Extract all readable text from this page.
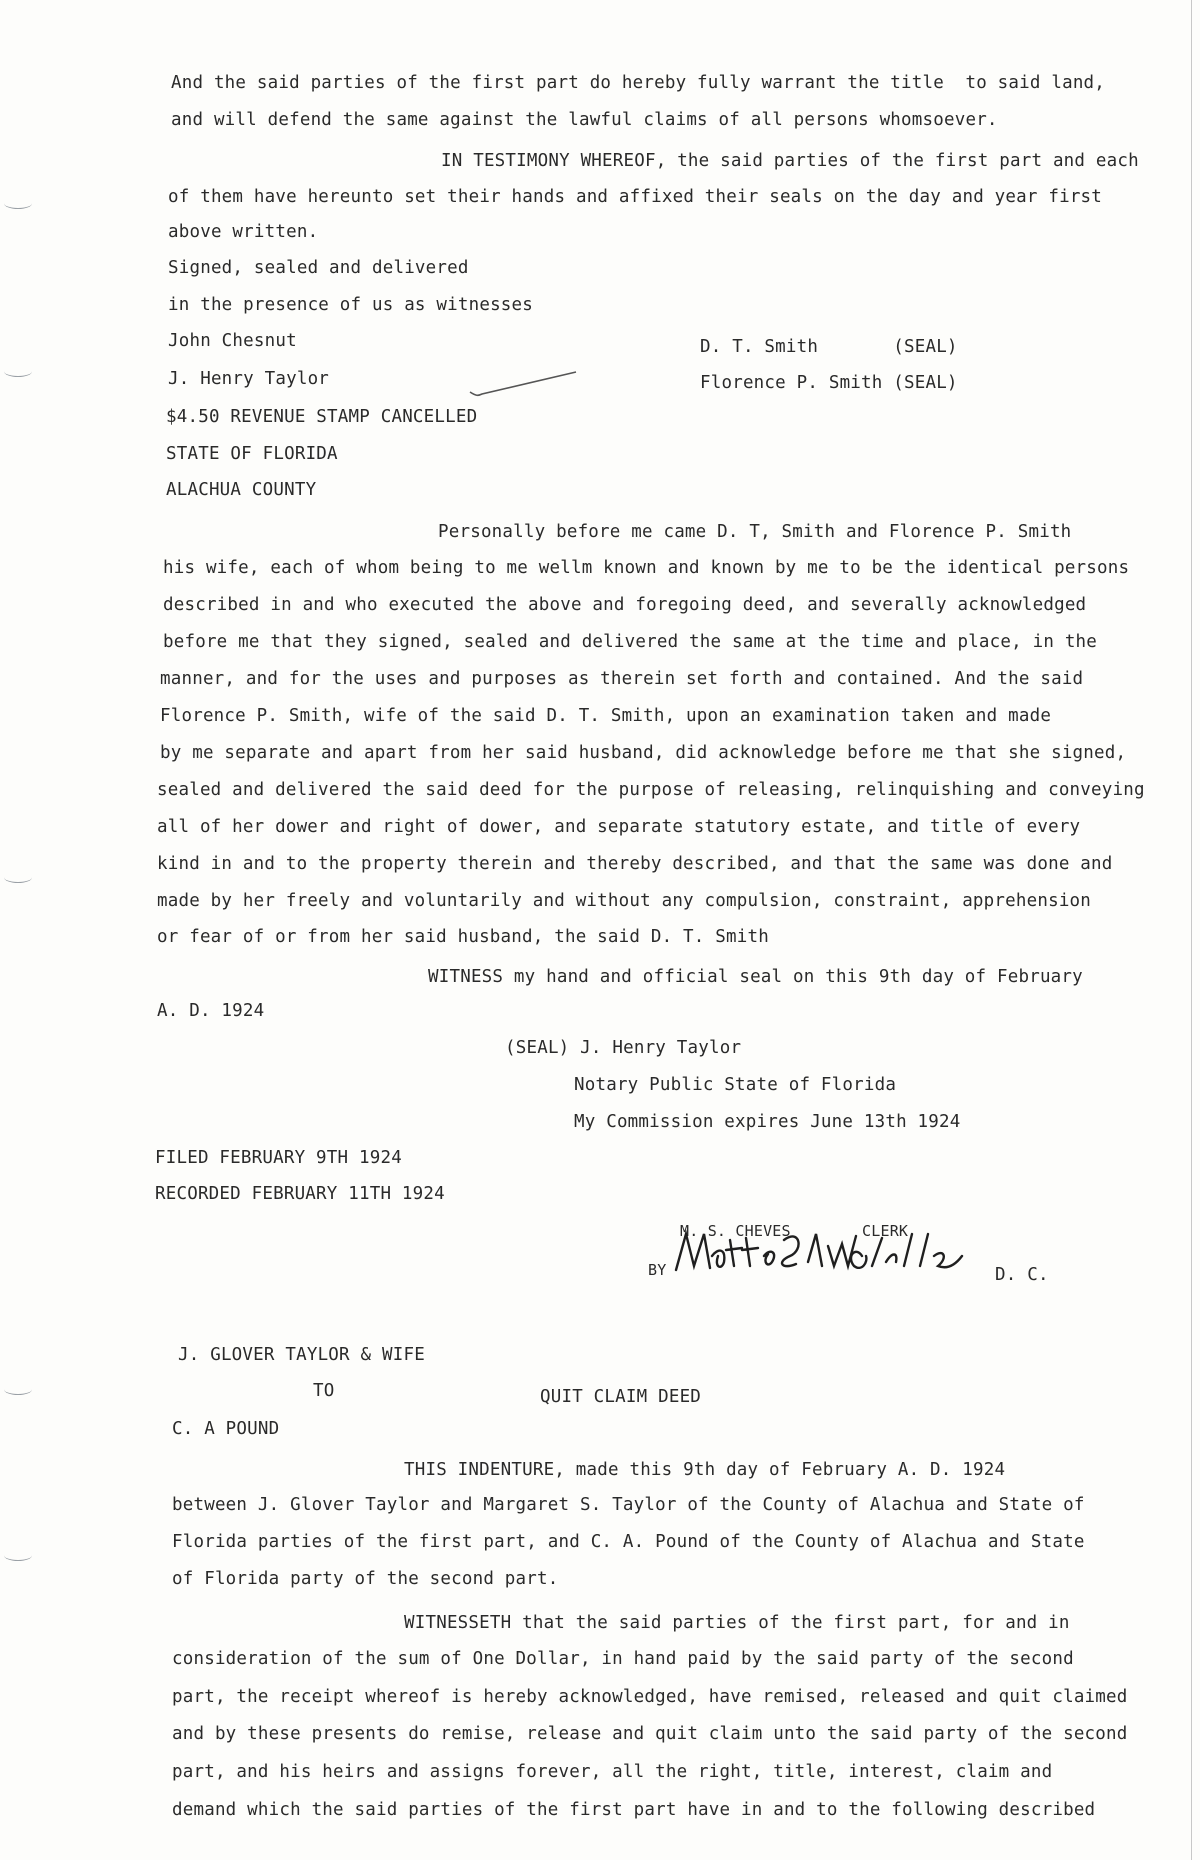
And the said parties of the first part do hereby fully warrant the title  to said land,
and will defend the same against the lawful claims of all persons whomsoever.
IN TESTIMONY WHEREOF, the said parties of the first part and each
of them have hereunto set their hands and affixed their seals on the day and year first
above written.
Signed, sealed and delivered
in the presence of us as witnesses
John Chesnut	D. T. Smith       (SEAL)
J. Henry Taylor	Florence P. Smith (SEAL)
$4.50 REVENUE STAMP CANCELLED
STATE OF FLORIDA
ALACHUA COUNTY
Personally before me came D. T, Smith and Florence P. Smith
his wife, each of whom being to me wellm known and known by me to be the identical persons
described in and who executed the above and foregoing deed, and severally acknowledged
before me that they signed, sealed and delivered the same at the time and place, in the
manner, and for the uses and purposes as therein set forth and contained. And the said
Florence P. Smith, wife of the said D. T. Smith, upon an examination taken and made
by me separate and apart from her said husband, did acknowledge before me that she signed,
sealed and delivered the said deed for the purpose of releasing, relinquishing and conveying
all of her dower and right of dower, and separate statutory estate, and title of every
kind in and to the property therein and thereby described, and that the same was done and
made by her freely and voluntarily and without any compulsion, constraint, apprehension
or fear of or from her said husband, the said D. T. Smith
WITNESS my hand and official seal on this 9th day of February
A. D. 1924
(SEAL) J. Henry Taylor
Notary Public State of Florida
My Commission expires June 13th 1924
FILED FEBRUARY 9TH 1924
RECORDED FEBRUARY 11TH 1924
M. S. CHEVES	CLERK
BY	D. C.
J. GLOVER TAYLOR & WIFE
TO	QUIT CLAIM DEED
C. A POUND
THIS INDENTURE, made this 9th day of February A. D. 1924
between J. Glover Taylor and Margaret S. Taylor of the County of Alachua and State of
Florida parties of the first part, and C. A. Pound of the County of Alachua and State
of Florida party of the second part.
WITNESSETH that the said parties of the first part, for and in
consideration of the sum of One Dollar, in hand paid by the said party of the second
part, the receipt whereof is hereby acknowledged, have remised, released and quit claimed
and by these presents do remise, release and quit claim unto the said party of the second
part, and his heirs and assigns forever, all the right, title, interest, claim and
demand which the said parties of the first part have in and to the following described
